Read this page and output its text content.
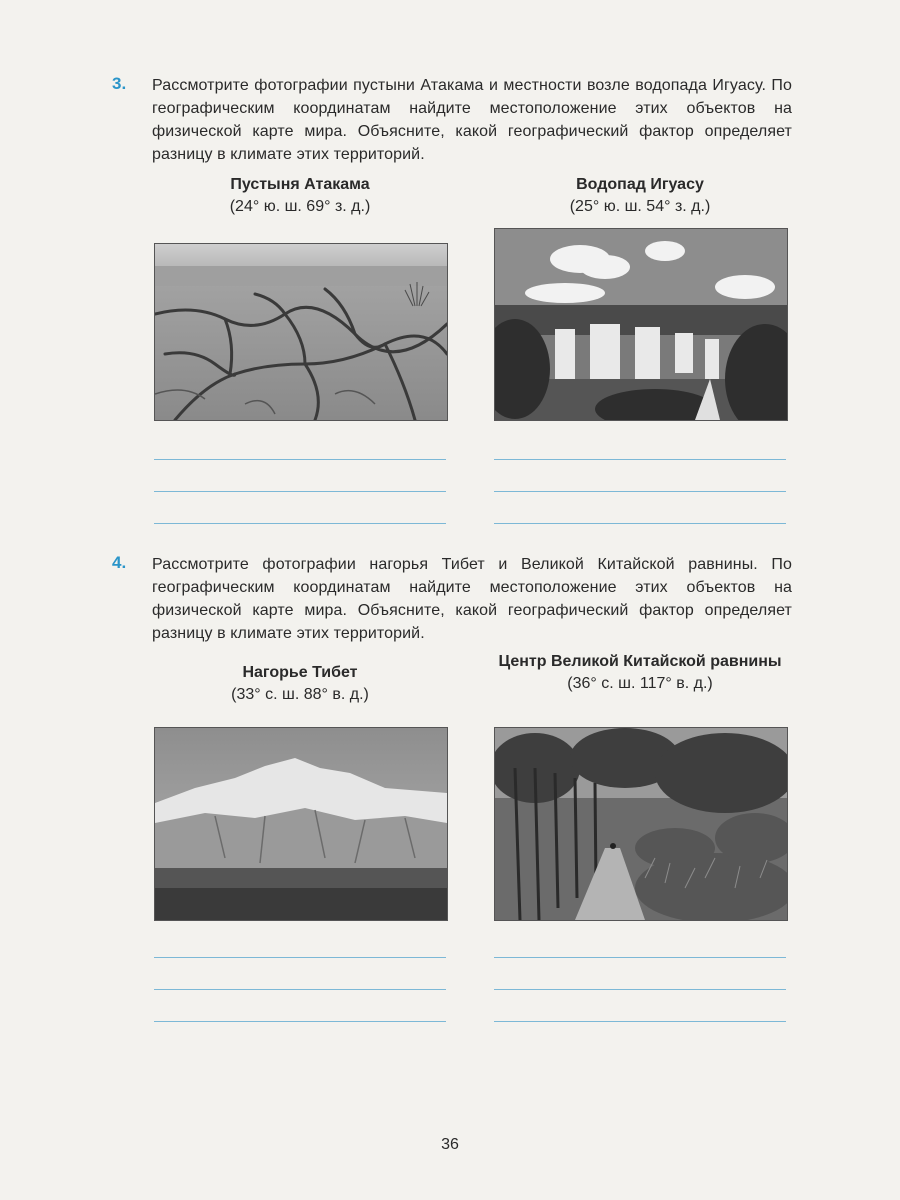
3. Рассмотрите фотографии пустыни Атакама и местности возле водопада Игуасу. По географическим координатам найдите местоположение этих объектов на физической карте мира. Объясните, какой географический фактор определяет разницу в климате этих территорий.
Пустыня Атакама
(24° ю. ш. 69° з. д.)
Водопад Игуасу
(25° ю. ш. 54° з. д.)
4. Рассмотрите фотографии нагорья Тибет и Великой Китайской равнины. По географическим координатам найдите местоположение этих объектов на физической карте мира. Объясните, какой географический фактор определяет разницу в климате этих территорий.
Нагорье Тибет
(33° с. ш. 88° в. д.)
Центр Великой Китайской равнины
(36° с. ш. 117° в. д.)
36
